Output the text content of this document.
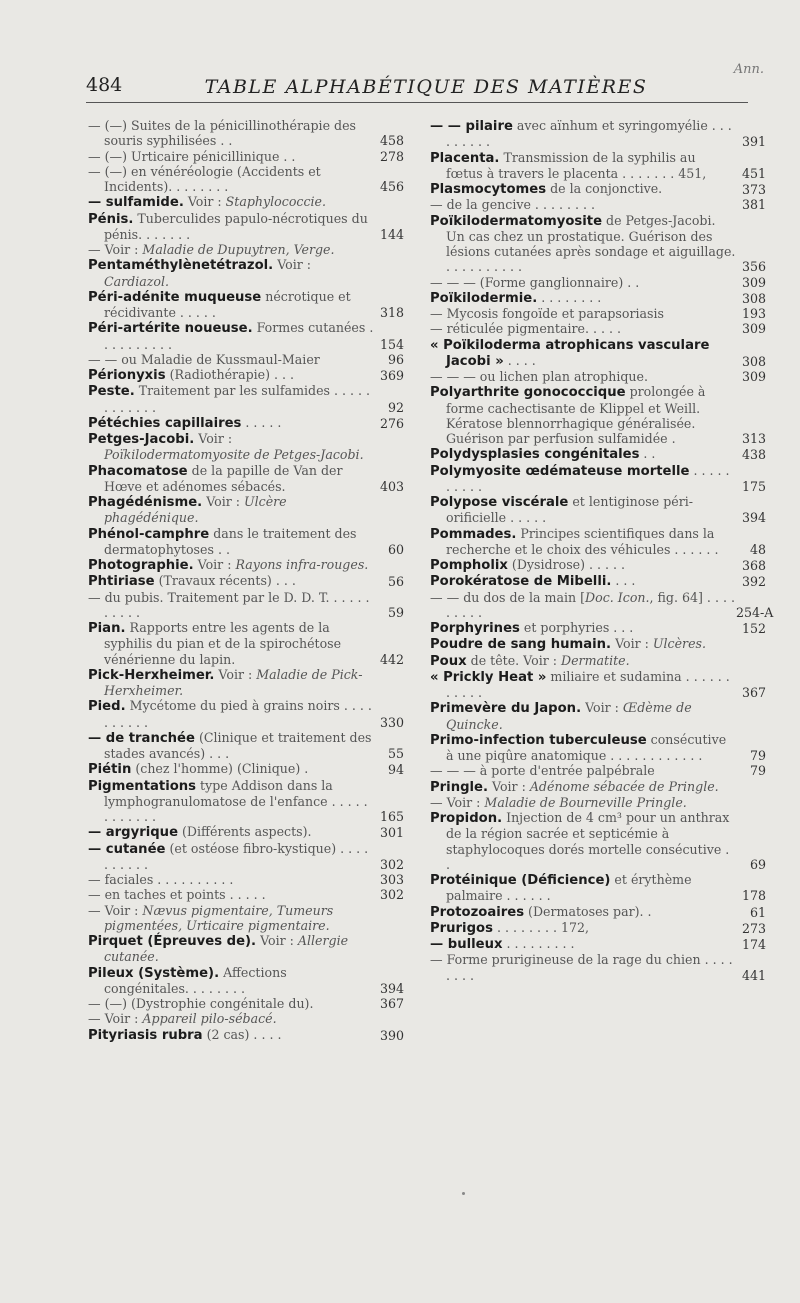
484	TABLE ALPHABÉTIQUE DES MATIÈRES
Ann.
— (—) Suites de la pénicillinothérapie des souris syphilisées . .	458
— (—) Urticaire pénicillinique . .	278
— (—) en vénéréologie (Accidents et Incidents). . . . . . . .	456
— sulfamide. Voir : Staphylococcie.
Pénis. Tuberculides papulo-nécrotiques du pénis. . . . . . .	144
— Voir : Maladie de Dupuytren, Verge.
Pentaméthylènetétrazol. Voir : Cardiazol.
Péri-adénite muqueuse nécrotique et récidivante . . . . .	318
Péri-artérite noueuse. Formes cutanées . . . . . . . . . .	154
— — ou Maladie de Kussmaul-Maier	96
Périonyxis (Radiothérapie) . . .	369
Peste. Traitement par les sulfamides . . . . . . . . . . . .	92
Pétéchies capillaires . . . . .	276
Petges-Jacobi. Voir : Poïkilodermatomyosite de Petges-Jacobi.
Phacomatose de la papille de Van der Hœve et adénomes sébacés.	403
Phagédénisme. Voir : Ulcère phagédénique.
Phénol-camphre dans le traitement des dermatophytoses . .	60
Photographie. Voir : Rayons infra-rouges.
Phtiriase (Travaux récents) . . .	56
— du pubis. Traitement par le D. D. T. . . . . . . . . . .	59
Pian. Rapports entre les agents de la syphilis du pian et de la spirochétose vénérienne du lapin.	442
Pick-Herxheimer. Voir : Maladie de Pick-Herxheimer.
Pied. Mycétome du pied à grains noirs . . . . . . . . . .	330
— de tranchée (Clinique et traitement des stades avancés) . . .	55
Piétin (chez l'homme) (Clinique) .	94
Pigmentations type Addison dans la lymphogranulomatose de l'enfance . . . . . . . . . . . .	165
— argyrique (Différents aspects).	301
— cutanée (et ostéose fibro-kystique) . . . . . . . . . .	302
— faciales . . . . . . . . . .	303
— en taches et points . . . . .	302
— Voir : Nævus pigmentaire, Tumeurs pigmentées, Urticaire pigmentaire.
Pirquet (Épreuves de). Voir : Allergie cutanée.
Pileux (Système). Affections congénitales. . . . . . . .	394
— (—) (Dystrophie congénitale du).	367
— Voir : Appareil pilo-sébacé.
Pityriasis rubra (2 cas) . . . .	390
— — pilaire avec aïnhum et syringomyélie . . . . . . . . .	391
Placenta. Transmission de la syphilis au fœtus à travers le placenta . . . . . . . 451,	451
Plasmocytomes de la conjonctive.	373
— de la gencive . . . . . . . .	381
Poïkilodermatomyosite de Petges-Jacobi. Un cas chez un prostatique. Guérison des lésions cutanées après sondage et aiguillage. . . . . . . . . . .	356
— — — (Forme ganglionnaire) . .	309
Poïkilodermie. . . . . . . . .	308
— Mycosis fongoïde et parapsoriasis	193
— réticulée pigmentaire. . . . .	309
« Poïkiloderma atrophicans vasculare Jacobi » . . . .	308
— — — ou lichen plan atrophique.	309
Polyarthrite gonococcique prolongée à forme cachectisante de Klippel et Weill. Kératose blennorrhagique généralisée. Guérison par perfusion sulfamidée .	313
Polydysplasies congénitales . .	438
Polymyosite œdémateuse mortelle . . . . . . . . . .	175
Polypose viscérale et lentiginose péri-orificielle . . . . .	394
Pommades. Principes scientifiques dans la recherche et le choix des véhicules . . . . . .	48
Pompholix (Dysidrose) . . . . .	368
Porokératose de Mibelli. . . .	392
— — du dos de la main [Doc. Icon., fig. 64] . . . . . . . . .	254-A
Porphyrines et porphyries . . .	152
Poudre de sang humain. Voir : Ulcères.
Poux de tête. Voir : Dermatite.
« Prickly Heat » miliaire et sudamina . . . . . . . . . . .	367
Primevère du Japon. Voir : Œdème de Quincke.
Primo-infection tuberculeuse consécutive à une piqûre anatomique . . . . . . . . . . . .	79
— — — à porte d'entrée palpébrale	79
Pringle. Voir : Adénome sébacée de Pringle.
— Voir : Maladie de Bourneville Pringle.
Propidon. Injection de 4 cm³ pour un anthrax de la région sacrée et septicémie à staphylocoques dorés mortelle consécutive . .	69
Protéinique (Déficience) et érythème palmaire . . . . . .	178
Protozoaires (Dermatoses par). .	61
Prurigos . . . . . . . . 172,	273
— bulleux . . . . . . . . .	174
— Forme prurigineuse de la rage du chien . . . . . . . .	441
